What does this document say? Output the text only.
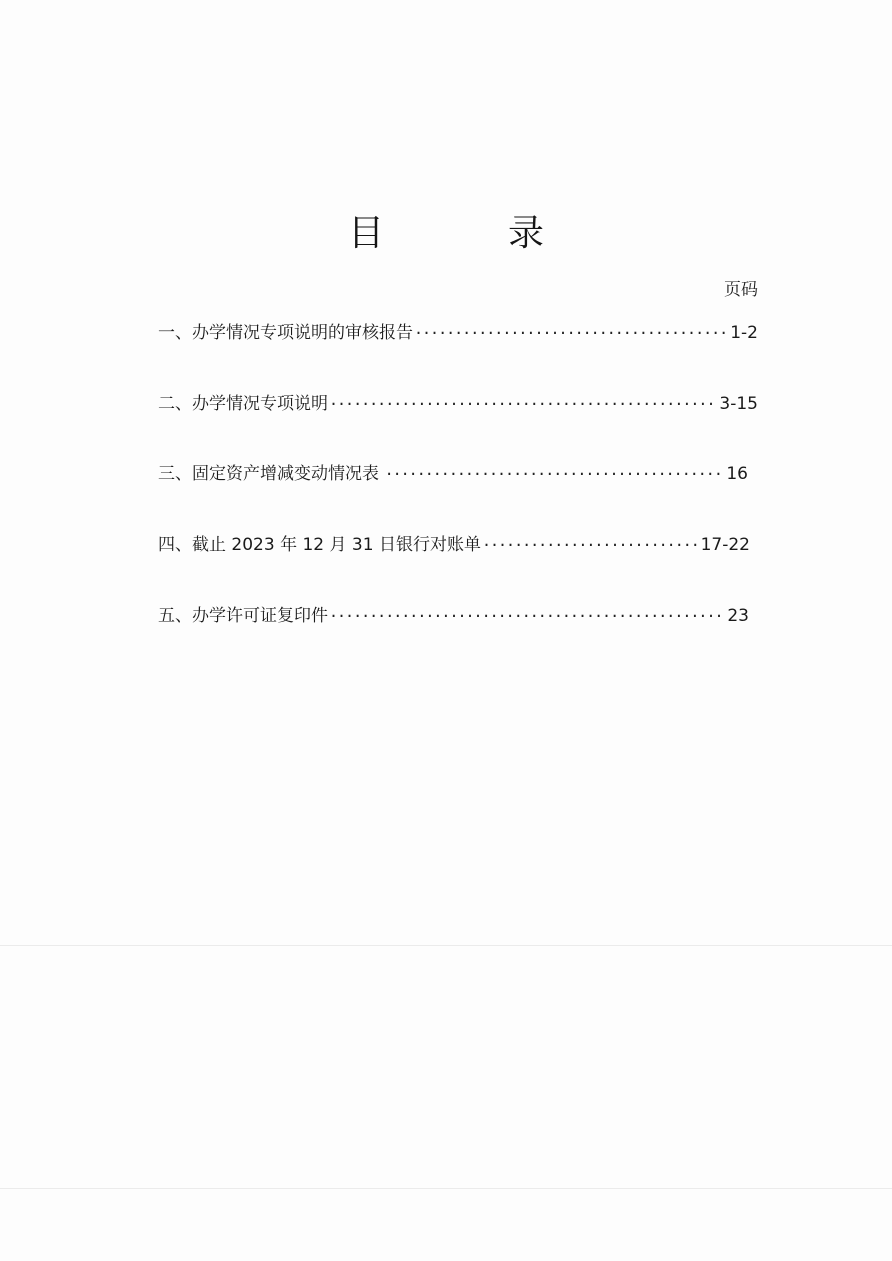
目　录
页码
一、办学情况专项说明的审核报告 ·····	1-2
二、办学情况专项说明 ·····	3-15
三、固定资产增减变动情况表 ·····	16
四、截止 2023 年 12 月 31 日银行对账单 ·····	17-22
五、办学许可证复印件 ·····	23
